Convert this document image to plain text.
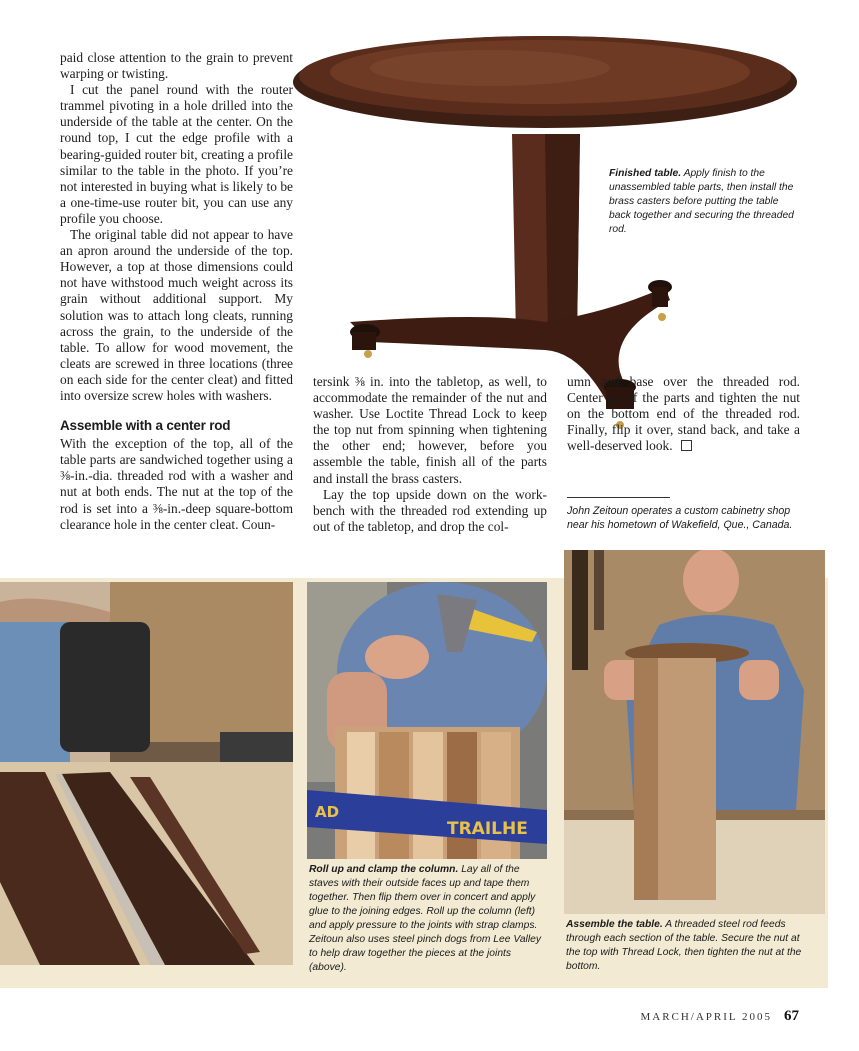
AD
TRAILHE

paid close attention to the grain to prevent warping or twisting.

I cut the panel round with the router trammel pivoting in a hole drilled into the underside of the table at the center. On the round top, I cut the edge profile with a bearing-guided router bit, creating a profile similar to the table in the photo. If you’re not interested in buying what is likely to be a one-time-use router bit, you can use any profile you choose.

The original table did not appear to have an apron around the underside of the top. However, a top at those dimensions could not have withstood much weight across its grain without additional support. My solution was to attach long cleats, running across the grain, to the underside of the table. To allow for wood movement, the cleats are screwed in three locations (three on each side for the center cleat) and fitted into oversize screw holes with washers.

Assemble with a center rod

With the exception of the top, all of the table parts are sandwiched together using a ⅜-in.-dia. threaded rod with a washer and nut at both ends. The nut at the top of the rod is set into a ⅜-in.-deep square-bottom clearance hole in the center cleat. Coun-

tersink ⅜ in. into the tabletop, as well, to accommodate the remainder of the nut and washer. Use Loctite Thread Lock to keep the top nut from spinning when tightening the other end; however, before you assemble the table, finish all of the parts and install the brass casters.

Lay the top upside down on the work-bench with the threaded rod extending up out of the tabletop, and drop the col-

umn and base over the threaded rod. Center all of the parts and tighten the nut on the bottom end of the threaded rod. Finally, flip it over, stand back, and take a well-deserved look.

Finished table. Apply finish to the unassembled table parts, then install the brass casters before putting the table back together and securing the threaded rod.
John Zeitoun operates a custom cabinetry shop near his hometown of Wakefield, Que., Canada.
Roll up and clamp the column. Lay all of the staves with their outside faces up and tape them together. Then flip them over in concert and apply glue to the joining edges. Roll up the column (left) and apply pressure to the joints with strap clamps. Zeitoun also uses steel pinch dogs from Lee Valley to help draw together the pieces at the joints (above).
Assemble the table. A threaded steel rod feeds through each section of the table. Secure the nut at the top with Thread Lock, then tighten the nut at the bottom.
MARCH/APRIL 2005 67
